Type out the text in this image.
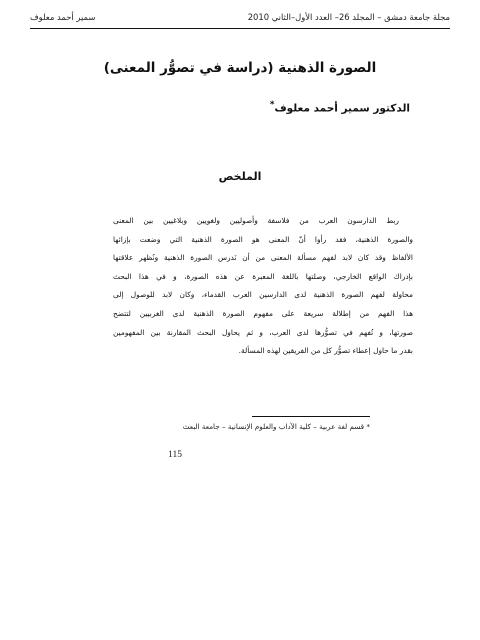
مجلة جامعة دمشق – المجلد 26– العدد الأول–الثاني 2010
سمير أحمد معلوف
الصورة الذهنية (دراسة في تصوُّر المعنى)
الدكتور سمير أحمد معلوف*
الملخص
ربط الدارسون العرب من فلاسفة وأصوليين ولغويين وبلاغيين بين المعنى
والصورة الذهنية، فقد رأوا أنّ المعنى هو الصورة الذهنية التي وضعت بإزائها
الألفاظ وقد كان لابد لفهم مسألة المعنى من أن نَدرس الصورة الذهنية ونُظهر علاقتها
بإدراك الواقع الخارجي، وصلتها باللغة المعبرة عن هذه الصورة، و في هذا البحث
محاولة لفهم الصورة الذهنية لدى الدارسين العرب القدماء، وكان لابد للوصول إلى
هذا الفهم من إطلالة سريعة على مفهوم الصورة الذهنية لدى الغربيين لتتضح
صورتها، و تُفهم في تصوُّرها لدى العرب، و ثم يحاول البحث المقارنة بين المفهومين
بقدر ما حاول إعطاء تصوُّر كل من الفريقين لهذه المسألة.
* قسم لغة عربية – كلية الآداب والعلوم الإنسانية – جامعة البعث
115
